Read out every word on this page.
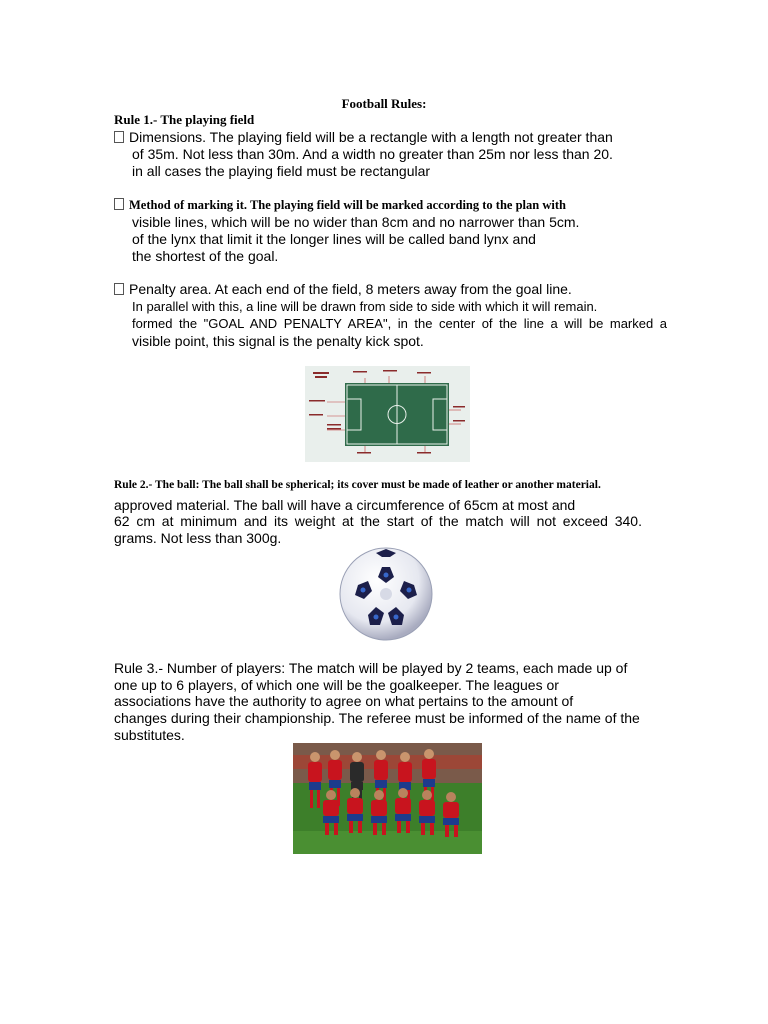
Football Rules:
Rule 1.- The playing field
Dimensions. The playing field will be a rectangle with a length not greater than
of 35m. Not less than 30m. And a width no greater than 25m nor less than 20.
in all cases the playing field must be rectangular
Method of marking it. The playing field will be marked according to the plan with
visible lines, which will be no wider than 8cm and no narrower than 5cm.
of the lynx that limit it the longer lines will be called band lynx and
the shortest of the goal.
Penalty area. At each end of the field, 8 meters away from the goal line.
In parallel with this, a line will be drawn from side to side with which it will remain.
formed the "GOAL AND PENALTY AREA", in the center of the line a will be marked a
visible point, this signal is the penalty kick spot.
Rule 2.- The ball: The ball shall be spherical; its cover must be made of leather or another material.
approved material. The ball will have a circumference of 65cm at most and
62 cm at minimum and its weight at the start of the match will not exceed 340.
grams. Not less than 300g.
Rule 3.- Number of players: The match will be played by 2 teams, each made up of
one up to 6 players, of which one will be the goalkeeper. The leagues or
associations have the authority to agree on what pertains to the amount of
changes during their championship. The referee must be informed of the name of the
substitutes.
